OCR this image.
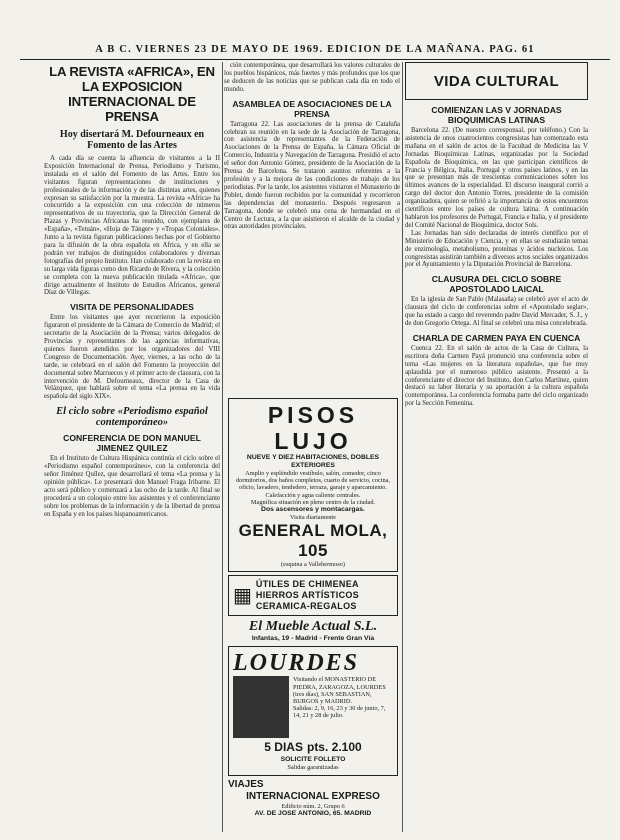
A B C. VIERNES 23 DE MAYO DE 1969. EDICION DE LA MAÑANA. PAG. 61
LA REVISTA «AFRICA», EN LA EXPOSICION INTERNACIONAL DE PRENSA
Hoy disertará M. Defourneaux en Fomento de las Artes

A cada día se cuenta la afluencia de visitantes a la II Exposición Internacional de Prensa, Periodismo y Turismo, instalada en el salón del Fomento de las Artes. Entre los visitantes figuran representaciones de instituciones y profesionales de la información y de las distintas artes, quienes expresan su satisfacción por la muestra. La revista «Africa» ha concurrido a la exposición con una colección de números representativos de su trayectoria, que la Dirección General de Plazas y Provincias Africanas ha reunido, con ejemplares de «España», «Tetuán», «Hoja de Tánger» y «Tropas Coloniales». Junto a la revista figuran publicaciones hechas por el Gobierno para la difusión de la obra española en Africa, y en ella se podrán ver trabajos de distinguidos colaboradores y diversas fotografías del propio Instituto. Han colaborado con la revista en su larga vida figuras como don Ricardo de Rivera, y la colección se completa con la nueva publicación titulada «Africa», que dirige actualmente el Instituto de Estudios Africanos, general Díaz de Villegas.

VISITA DE PERSONALIDADES

Entre los visitantes que ayer recorrieron la exposición figuraron el presidente de la Cámara de Comercio de Madrid; el secretario de la Asociación de la Prensa; varios delegados de Provincias y representantes de las agencias informativas, quienes fueron atendidos por los organizadores del VIII Congreso de Documentación. Ayer, viernes, a las ocho de la tarde, se celebrará en el salón del Fomento la proyección del documental sobre Marruecos y el primer acto de clausura, con la intervención de M. Defourneaux, director de la Casa de Velázquez, que hablará sobre el tema «La prensa en la vida española del siglo XIX».

El ciclo sobre «Periodismo español contemporáneo»
CONFERENCIA DE DON MANUEL JIMENEZ QUILEZ

En el Instituto de Cultura Hispánica continúa el ciclo sobre el «Periodismo español contemporáneo», con la conferencia del señor Jiménez Quílez, que desarrollará el tema «La prensa y la opinión pública». Le presentará don Manuel Fraga Iribarne. El acto será público y comenzará a las ocho de la tarde. Al final se procederá a un coloquio entre los asistentes y el conferenciante sobre los problemas de la información y de la libertad de prensa en España y en los países hispanoamericanos.

ción contemporánea, que desarrollará los valores culturales de los pueblos hispánicos, más fuertes y más profundos que los que se deducen de las noticias que se publican cada día en todo el mundo.

ASAMBLEA DE ASOCIACIONES DE LA PRENSA

Tarragona 22. Las asociaciones de la prensa de Cataluña celebran su reunión en la sede de la Asociación de Tarragona, con asistencia de representantes de la Federación de Asociaciones de la Prensa de España, la Cámara Oficial de Comercio, Industria y Navegación de Tarragona. Presidió el acto el señor don Antonio Gómez, presidente de la Asociación de la Prensa de Barcelona. Se trataron asuntos referentes a la profesión y a la mejora de las condiciones de trabajo de los periodistas. Por la tarde, los asistentes visitaron el Monasterio de Poblet, donde fueron recibidos por la comunidad y recorrieron las dependencias del monasterio. Después regresaron a Tarragona, donde se celebró una cena de hermandad en el Centro de Lectura, a la que asistieron el alcalde de la ciudad y otras autoridades provinciales.

PISOS LUJO
NUEVE Y DIEZ HABITACIONES, DOBLES EXTERIORES

Amplio y espléndido vestíbulo, salón, comedor, cinco dormitorios, dos baños completos, cuarto de servicio, cocina, oficio, lavadero, tendedero, terraza, garaje y aparcamiento. Calefacción y agua caliente centrales.

Magnífica situación en pleno centro de la ciudad.

Dos ascensores y montacargas.

Visita diariamente

GENERAL MOLA, 105

(esquina a Vallehermoso)

▦
ÚTILES DE CHIMENEA
HIERROS ARTÍSTICOS
CERAMICA-REGALOS
El Mueble Actual S.L.
Infantas, 19 - Madrid - Frente Gran Vía
LOURDES

Visitando el MONASTERIO DE PIEDRA, ZARAGOZA, LOURDES (tres días), SAN SEBASTIAN, BURGOS y MADRID.

Salidas: 2, 9, 16, 23 y 30 de junio, 7, 14, 21 y 28 de julio.

5 DIAS pts. 2.100
SOLICITE FOLLETO

Salidas garantizadas

VIAJES
INTERNACIONAL EXPRESO

Edificio núm. 2, Grupo 6

AV. DE JOSE ANTONIO, 65. MADRID
VIDA CULTURAL
COMIENZAN LAS V JORNADAS BIOQUIMICAS LATINAS

Barcelona 22. (De nuestro corresponsal, por teléfono.) Con la asistencia de unos cuatrocientos congresistas han comenzado esta mañana en el salón de actos de la Facultad de Medicina las V Jornadas Bioquímicas Latinas, organizadas por la Sociedad Española de Bioquímica, en las que participan científicos de Francia y Bélgica, Italia, Portugal y otros países latinos, y en las que se presentan más de trescientas comunicaciones sobre los últimos avances de la especialidad. El discurso inaugural corrió a cargo del doctor don Antonio Torres, presidente de la comisión organizadora, quien se refirió a la importancia de estos encuentros científicos entre los países de cultura latina. A continuación hablaron los profesores de Portugal, Francia e Italia, y el presidente del Comité Nacional de Bioquímica, doctor Sols.

Las Jornadas han sido declaradas de interés científico por el Ministerio de Educación y Ciencia, y en ellas se estudiarán temas de enzimología, metabolismo, proteínas y ácidos nucleicos. Los congresistas asistirán también a diversos actos sociales organizados por el Ayuntamiento y la Diputación Provincial de Barcelona.

CLAUSURA DEL CICLO SOBRE APOSTOLADO LAICAL

En la iglesia de San Pablo (Malasaña) se celebró ayer el acto de clausura del ciclo de conferencias sobre el «Apostolado seglar», que ha estado a cargo del reverendo padre David Mercader, S. J., y de don Gregorio Ortega. Al final se celebró una misa concelebrada.

CHARLA DE CARMEN PAYA EN CUENCA

Cuenca 22. En el salón de actos de la Casa de Cultura, la escritora doña Carmen Payá pronunció una conferencia sobre el tema «Las mujeres en la literatura española», que fue muy aplaudida por el numeroso público asistente. Presentó a la conferenciante el director del Instituto, don Carlos Martínez, quien destacó su labor literaria y su aportación a la cultura española contemporánea. La conferencia formaba parte del ciclo organizado por la Sección Femenina.
